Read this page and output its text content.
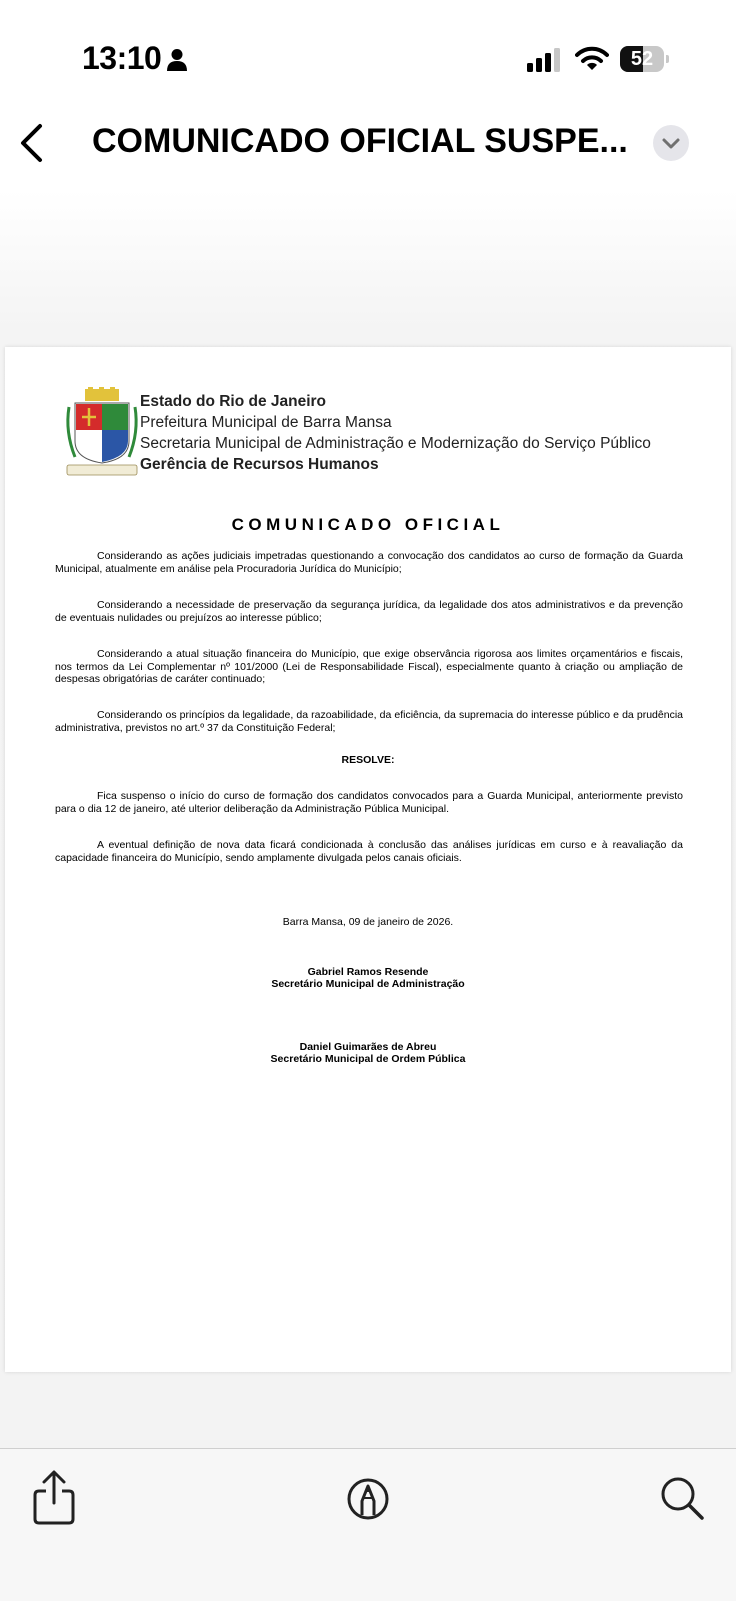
13:10	52
COMUNICADO OFICIAL SUSPE...
Estado do Rio de Janeiro
Prefeitura Municipal de Barra Mansa
Secretaria Municipal de Administração e Modernização do Serviço Público
Gerência de Recursos Humanos
COMUNICADO OFICIAL
Considerando as ações judiciais impetradas questionando a convocação dos candidatos ao curso de formação da Guarda Municipal, atualmente em análise pela Procuradoria Jurídica do Município;
Considerando a necessidade de preservação da segurança jurídica, da legalidade dos atos administrativos e da prevenção de eventuais nulidades ou prejuízos ao interesse público;
Considerando a atual situação financeira do Município, que exige observância rigorosa aos limites orçamentários e fiscais, nos termos da Lei Complementar nº 101/2000 (Lei de Responsabilidade Fiscal), especialmente quanto à criação ou ampliação de despesas obrigatórias de caráter continuado;
Considerando os princípios da legalidade, da razoabilidade, da eficiência, da supremacia do interesse público e da prudência administrativa, previstos no art.º 37 da Constituição Federal;
RESOLVE:
Fica suspenso o início do curso de formação dos candidatos convocados para a Guarda Municipal, anteriormente previsto para o dia 12 de janeiro, até ulterior deliberação da Administração Pública Municipal.
A eventual definição de nova data ficará condicionada à conclusão das análises jurídicas em curso e à reavaliação da capacidade financeira do Município, sendo amplamente divulgada pelos canais oficiais.
Barra Mansa, 09 de janeiro de 2026.
Gabriel Ramos Resende
Secretário Municipal de Administração
Daniel Guimarães de Abreu
Secretário Municipal de Ordem Pública
